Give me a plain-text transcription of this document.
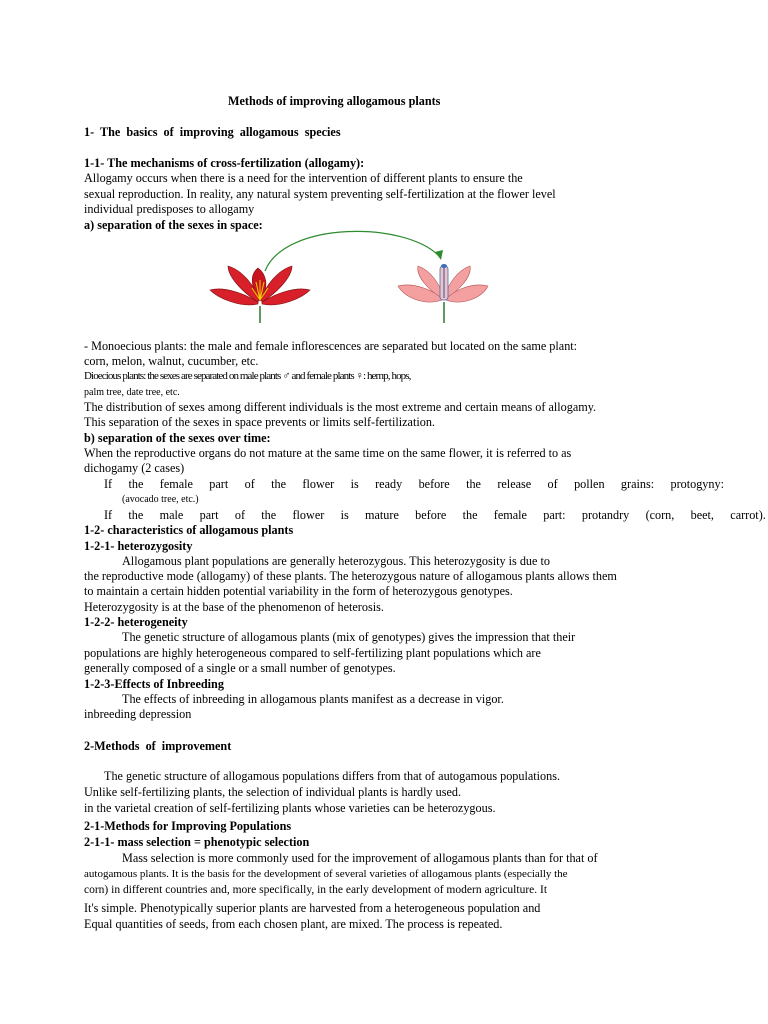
Methods of improving allogamous plants
1- The basics of improving allogamous species
1-1- The mechanisms of cross-fertilization (allogamy):
Allogamy occurs when there is a need for the intervention of different plants to ensure the
sexual reproduction. In reality, any natural system preventing self-fertilization at the flower level
individual predisposes to allogamy
a) separation of the sexes in space:
- Monoecious plants: the male and female inflorescences are separated but located on the same plant:
corn, melon, walnut, cucumber, etc.
Dioecious plants: the sexes are separated on male plants ♂ and female plants ♀: hemp, hops,
palm tree, date tree, etc.
The distribution of sexes among different individuals is the most extreme and certain means of allogamy.
This separation of the sexes in space prevents or limits self-fertilization.
b) separation of the sexes over time:
When the reproductive organs do not mature at the same time on the same flower, it is referred to as
dichogamy (2 cases)
If the female part of the flower is ready before the release of pollen grains: protogyny:
(avocado tree, etc.)
If the male part of the flower is mature before the female part: protandry (corn, beet, carrot).
1-2- characteristics of allogamous plants
1-2-1- heterozygosity
Allogamous plant populations are generally heterozygous. This heterozygosity is due to
the reproductive mode (allogamy) of these plants. The heterozygous nature of allogamous plants allows them
to maintain a certain hidden potential variability in the form of heterozygous genotypes.
Heterozygosity is at the base of the phenomenon of heterosis.
1-2-2- heterogeneity
The genetic structure of allogamous plants (mix of genotypes) gives the impression that their
populations are highly heterogeneous compared to self-fertilizing plant populations which are
generally composed of a single or a small number of genotypes.
1-2-3-Effects of Inbreeding
The effects of inbreeding in allogamous plants manifest as a decrease in vigor.
inbreeding depression
2-Methods of improvement
The genetic structure of allogamous populations differs from that of autogamous populations.
Unlike self-fertilizing plants, the selection of individual plants is hardly used.
in the varietal creation of self-fertilizing plants whose varieties can be heterozygous.
2-1-Methods for Improving Populations
2-1-1- mass selection = phenotypic selection
Mass selection is more commonly used for the improvement of allogamous plants than for that of
autogamous plants. It is the basis for the development of several varieties of allogamous plants (especially the
corn) in different countries and, more specifically, in the early development of modern agriculture. It
It's simple. Phenotypically superior plants are harvested from a heterogeneous population and
Equal quantities of seeds, from each chosen plant, are mixed. The process is repeated.
